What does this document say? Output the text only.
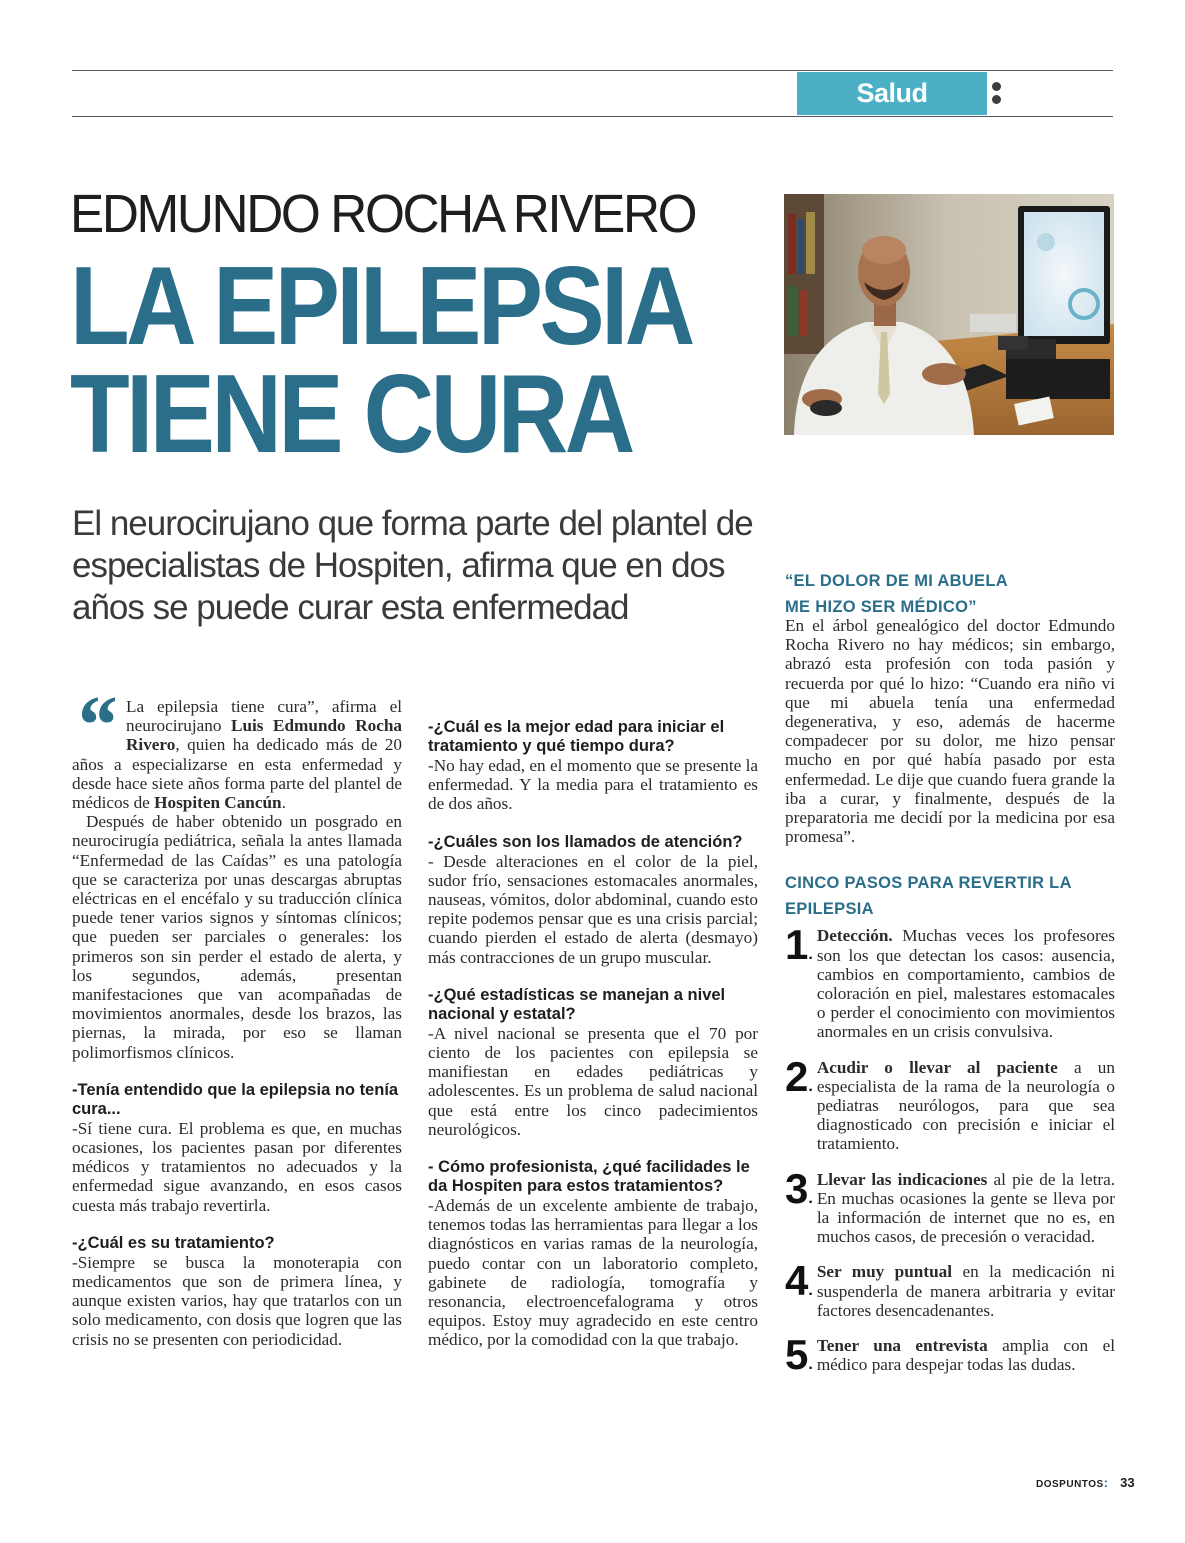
Salud
EDMUNDO ROCHA RIVERO
LA EPILEPSIA
TIENE CURA
El neurocirujano que forma parte del plantel de especialistas de Hospiten, afirma que en dos años se puede curar esta enfermedad

“ La epilepsia tiene cura”, afirma el neurocirujano Luis Edmundo Rocha Rivero, quien ha dedicado más de 20 años a especializarse en esta enfermedad y desde hace siete años forma parte del plantel de médicos de Hospiten Cancún.

Después de haber obtenido un posgrado en neurocirugía pediátrica, señala la antes llamada “Enfermedad de las Caídas” es una patología que se caracteriza por unas descargas abruptas eléctricas en el encéfalo y su traducción clínica puede tener varios signos y síntomas clínicos; que pueden ser parciales o generales: los primeros son sin perder el estado de alerta, y los segundos, además, presentan manifestaciones que van acompañadas de movimientos anormales, desde los brazos, las piernas, la mirada, por eso se llaman polimorfismos clínicos.

-Tenía entendido que la epilepsia no tenía cura...

-Sí tiene cura. El problema es que, en muchas ocasiones, los pacientes pasan por diferentes médicos y tratamientos no adecuados y la enfermedad sigue avanzando, en esos casos cuesta más trabajo revertirla.

-¿Cuál es su tratamiento?

-Siempre se busca la monoterapia con medicamentos que son de primera línea, y aunque existen varios, hay que tratarlos con un solo medicamento, con dosis que logren que las crisis no se presenten con periodicidad.

-¿Cuál es la mejor edad para iniciar el tratamiento y qué tiempo dura?

-No hay edad, en el momento que se presente la enfermedad. Y la media para el tratamiento es de dos años.

-¿Cuáles son los llamados de atención?

- Desde alteraciones en el color de la piel, sudor frío, sensaciones estomacales anormales, nauseas, vómitos, dolor abdominal, cuando esto repite podemos pensar que es una crisis parcial; cuando pierden el estado de alerta (desmayo) más contracciones de un grupo muscular.

-¿Qué estadísticas se manejan a nivel nacional y estatal?

-A nivel nacional se presenta que el 70 por ciento de los pacientes con epilepsia se manifiestan en edades pediátricas y adolescentes. Es un problema de salud nacional que está entre los cinco padecimientos neurológicos.

- Cómo profesionista, ¿qué facilidades le da Hospiten para estos tratamientos?

-Además de un excelente ambiente de trabajo, tenemos todas las herramientas para llegar a los diagnósticos en varias ramas de la neurología, puedo contar con un laboratorio completo, gabinete de radiología, tomografía y resonancia, electroencefalograma y otros equipos. Estoy muy agradecido en este centro médico, por la comodidad con la que trabajo.

“EL DOLOR DE MI ABUELA
ME HIZO SER MÉDICO”

En el árbol genealógico del doctor Edmundo Rocha Rivero no hay médicos; sin embargo, abrazó esta profesión con toda pasión y recuerda por qué lo hizo: “Cuando era niño vi que mi abuela tenía una enfermedad degenerativa, y eso, además de hacerme compadecer por su dolor, me hizo pensar mucho en por qué había pasado por esta enfermedad. Le dije que cuando fuera grande la iba a curar, y finalmente, después de la preparatoria me decidí por la medicina por esa promesa”.

CINCO PASOS PARA REVERTIR LA
EPILEPSIA
1.
Detección. Muchas veces los profesores son los que detectan los casos: ausencia, cambios en comportamiento, cambios de coloración en piel, malestares estomacales o perder el conocimiento con movimientos anormales en un crisis convulsiva.
2.
Acudir o llevar al paciente a un especialista de la rama de la neurología o pediatras neurólogos, para que sea diagnosticado con precisión e iniciar el tratamiento.
3.
Llevar las indicaciones al pie de la letra. En muchas ocasiones la gente se lleva por la información de internet que no es, en muchos casos, de precesión o veracidad.
4.
Ser muy puntual en la medicación ni suspenderla de manera arbitraria y evitar factores desencadenantes.
5.
Tener una entrevista amplia con el médico para despejar todas las dudas.
DOSPUNTOS: 33
